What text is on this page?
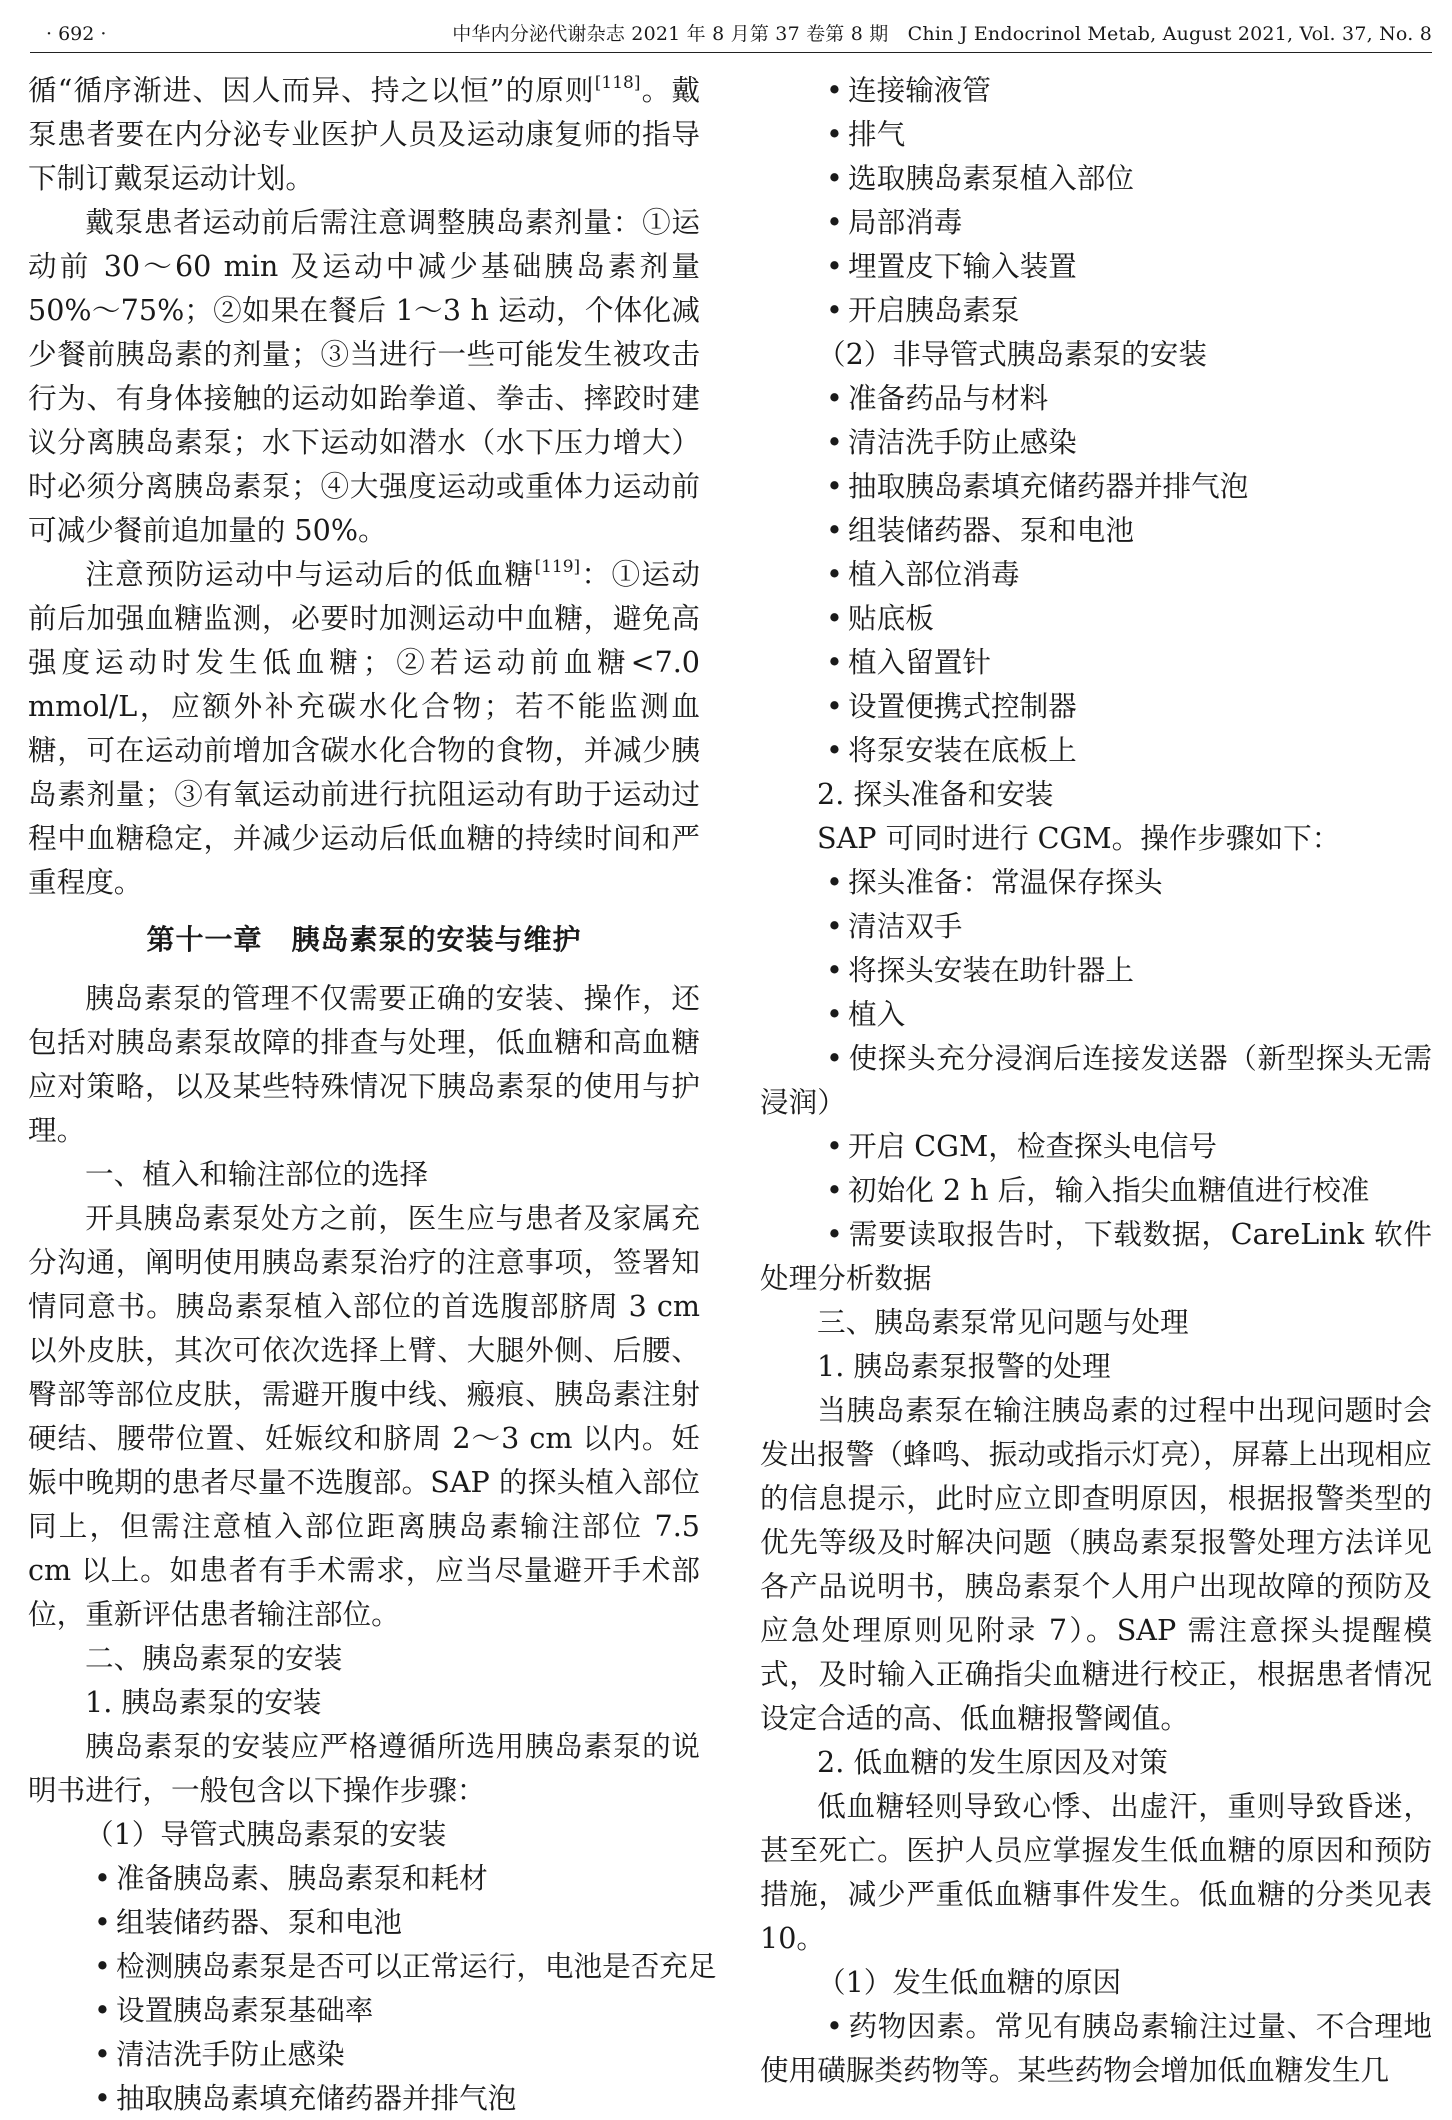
· 692 ·	中华内分泌代谢杂志 2021 年 8 月第 37 卷第 8 期　Chin J Endocrinol Metab, August 2021, Vol. 37, No. 8

循“循序渐进、因人而异、持之以恒”的原则[118]。戴泵患者要在内分泌专业医护人员及运动康复师的指导下制订戴泵运动计划。

戴泵患者运动前后需注意调整胰岛素剂量：①运动前 30～60 min 及运动中减少基础胰岛素剂量 50%～75%；②如果在餐后 1～3 h 运动，个体化减少餐前胰岛素的剂量；③当进行一些可能发生被攻击行为、有身体接触的运动如跆拳道、拳击、摔跤时建议分离胰岛素泵；水下运动如潜水（水下压力增大）时必须分离胰岛素泵；④大强度运动或重体力运动前可减少餐前追加量的 50%。

注意预防运动中与运动后的低血糖[119]：①运动前后加强血糖监测，必要时加测运动中血糖，避免高强度运动时发生低血糖；②若运动前血糖<7.0 mmol/L，应额外补充碳水化合物；若不能监测血糖，可在运动前增加含碳水化合物的食物，并减少胰岛素剂量；③有氧运动前进行抗阻运动有助于运动过程中血糖稳定，并减少运动后低血糖的持续时间和严重程度。

第十一章　胰岛素泵的安装与维护

胰岛素泵的管理不仅需要正确的安装、操作，还包括对胰岛素泵故障的排查与处理，低血糖和高血糖应对策略，以及某些特殊情况下胰岛素泵的使用与护理。

一、植入和输注部位的选择

开具胰岛素泵处方之前，医生应与患者及家属充分沟通，阐明使用胰岛素泵治疗的注意事项，签署知情同意书。胰岛素泵植入部位的首选腹部脐周 3 cm 以外皮肤，其次可依次选择上臂、大腿外侧、后腰、臀部等部位皮肤，需避开腹中线、瘢痕、胰岛素注射硬结、腰带位置、妊娠纹和脐周 2～3 cm 以内。妊娠中晚期的患者尽量不选腹部。SAP 的探头植入部位同上，但需注意植入部位距离胰岛素输注部位 7.5 cm 以上。如患者有手术需求，应当尽量避开手术部位，重新评估患者输注部位。

二、胰岛素泵的安装
1. 胰岛素泵的安装

胰岛素泵的安装应严格遵循所选用胰岛素泵的说明书进行，一般包含以下操作步骤：

（1）导管式胰岛素泵的安装
• 准备胰岛素、胰岛素泵和耗材
• 组装储药器、泵和电池
• 检测胰岛素泵是否可以正常运行，电池是否充足
• 设置胰岛素泵基础率
• 清洁洗手防止感染
• 抽取胰岛素填充储药器并排气泡
• 连接输液管
• 排气
• 选取胰岛素泵植入部位
• 局部消毒
• 埋置皮下输入装置
• 开启胰岛素泵
（2）非导管式胰岛素泵的安装
• 准备药品与材料
• 清洁洗手防止感染
• 抽取胰岛素填充储药器并排气泡
• 组装储药器、泵和电池
• 植入部位消毒
• 贴底板
• 植入留置针
• 设置便携式控制器
• 将泵安装在底板上
2. 探头准备和安装
SAP 可同时进行 CGM。操作步骤如下：
• 探头准备：常温保存探头
• 清洁双手
• 将探头安装在助针器上
• 植入
• 使探头充分浸润后连接发送器（新型探头无需浸润）
• 开启 CGM，检查探头电信号
• 初始化 2 h 后，输入指尖血糖值进行校准
• 需要读取报告时，下载数据，CareLink 软件处理分析数据
三、胰岛素泵常见问题与处理
1. 胰岛素泵报警的处理

当胰岛素泵在输注胰岛素的过程中出现问题时会发出报警（蜂鸣、振动或指示灯亮），屏幕上出现相应的信息提示，此时应立即查明原因，根据报警类型的优先等级及时解决问题（胰岛素泵报警处理方法详见各产品说明书，胰岛素泵个人用户出现故障的预防及应急处理原则见附录 7）。SAP 需注意探头提醒模式，及时输入正确指尖血糖进行校正，根据患者情况设定合适的高、低血糖报警阈值。

2. 低血糖的发生原因及对策

低血糖轻则导致心悸、出虚汗，重则导致昏迷，甚至死亡。医护人员应掌握发生低血糖的原因和预防措施，减少严重低血糖事件发生。低血糖的分类见表 10。

（1）发生低血糖的原因
• 药物因素。常见有胰岛素输注过量、不合理地使用磺脲类药物等。某些药物会增加低血糖发生几
